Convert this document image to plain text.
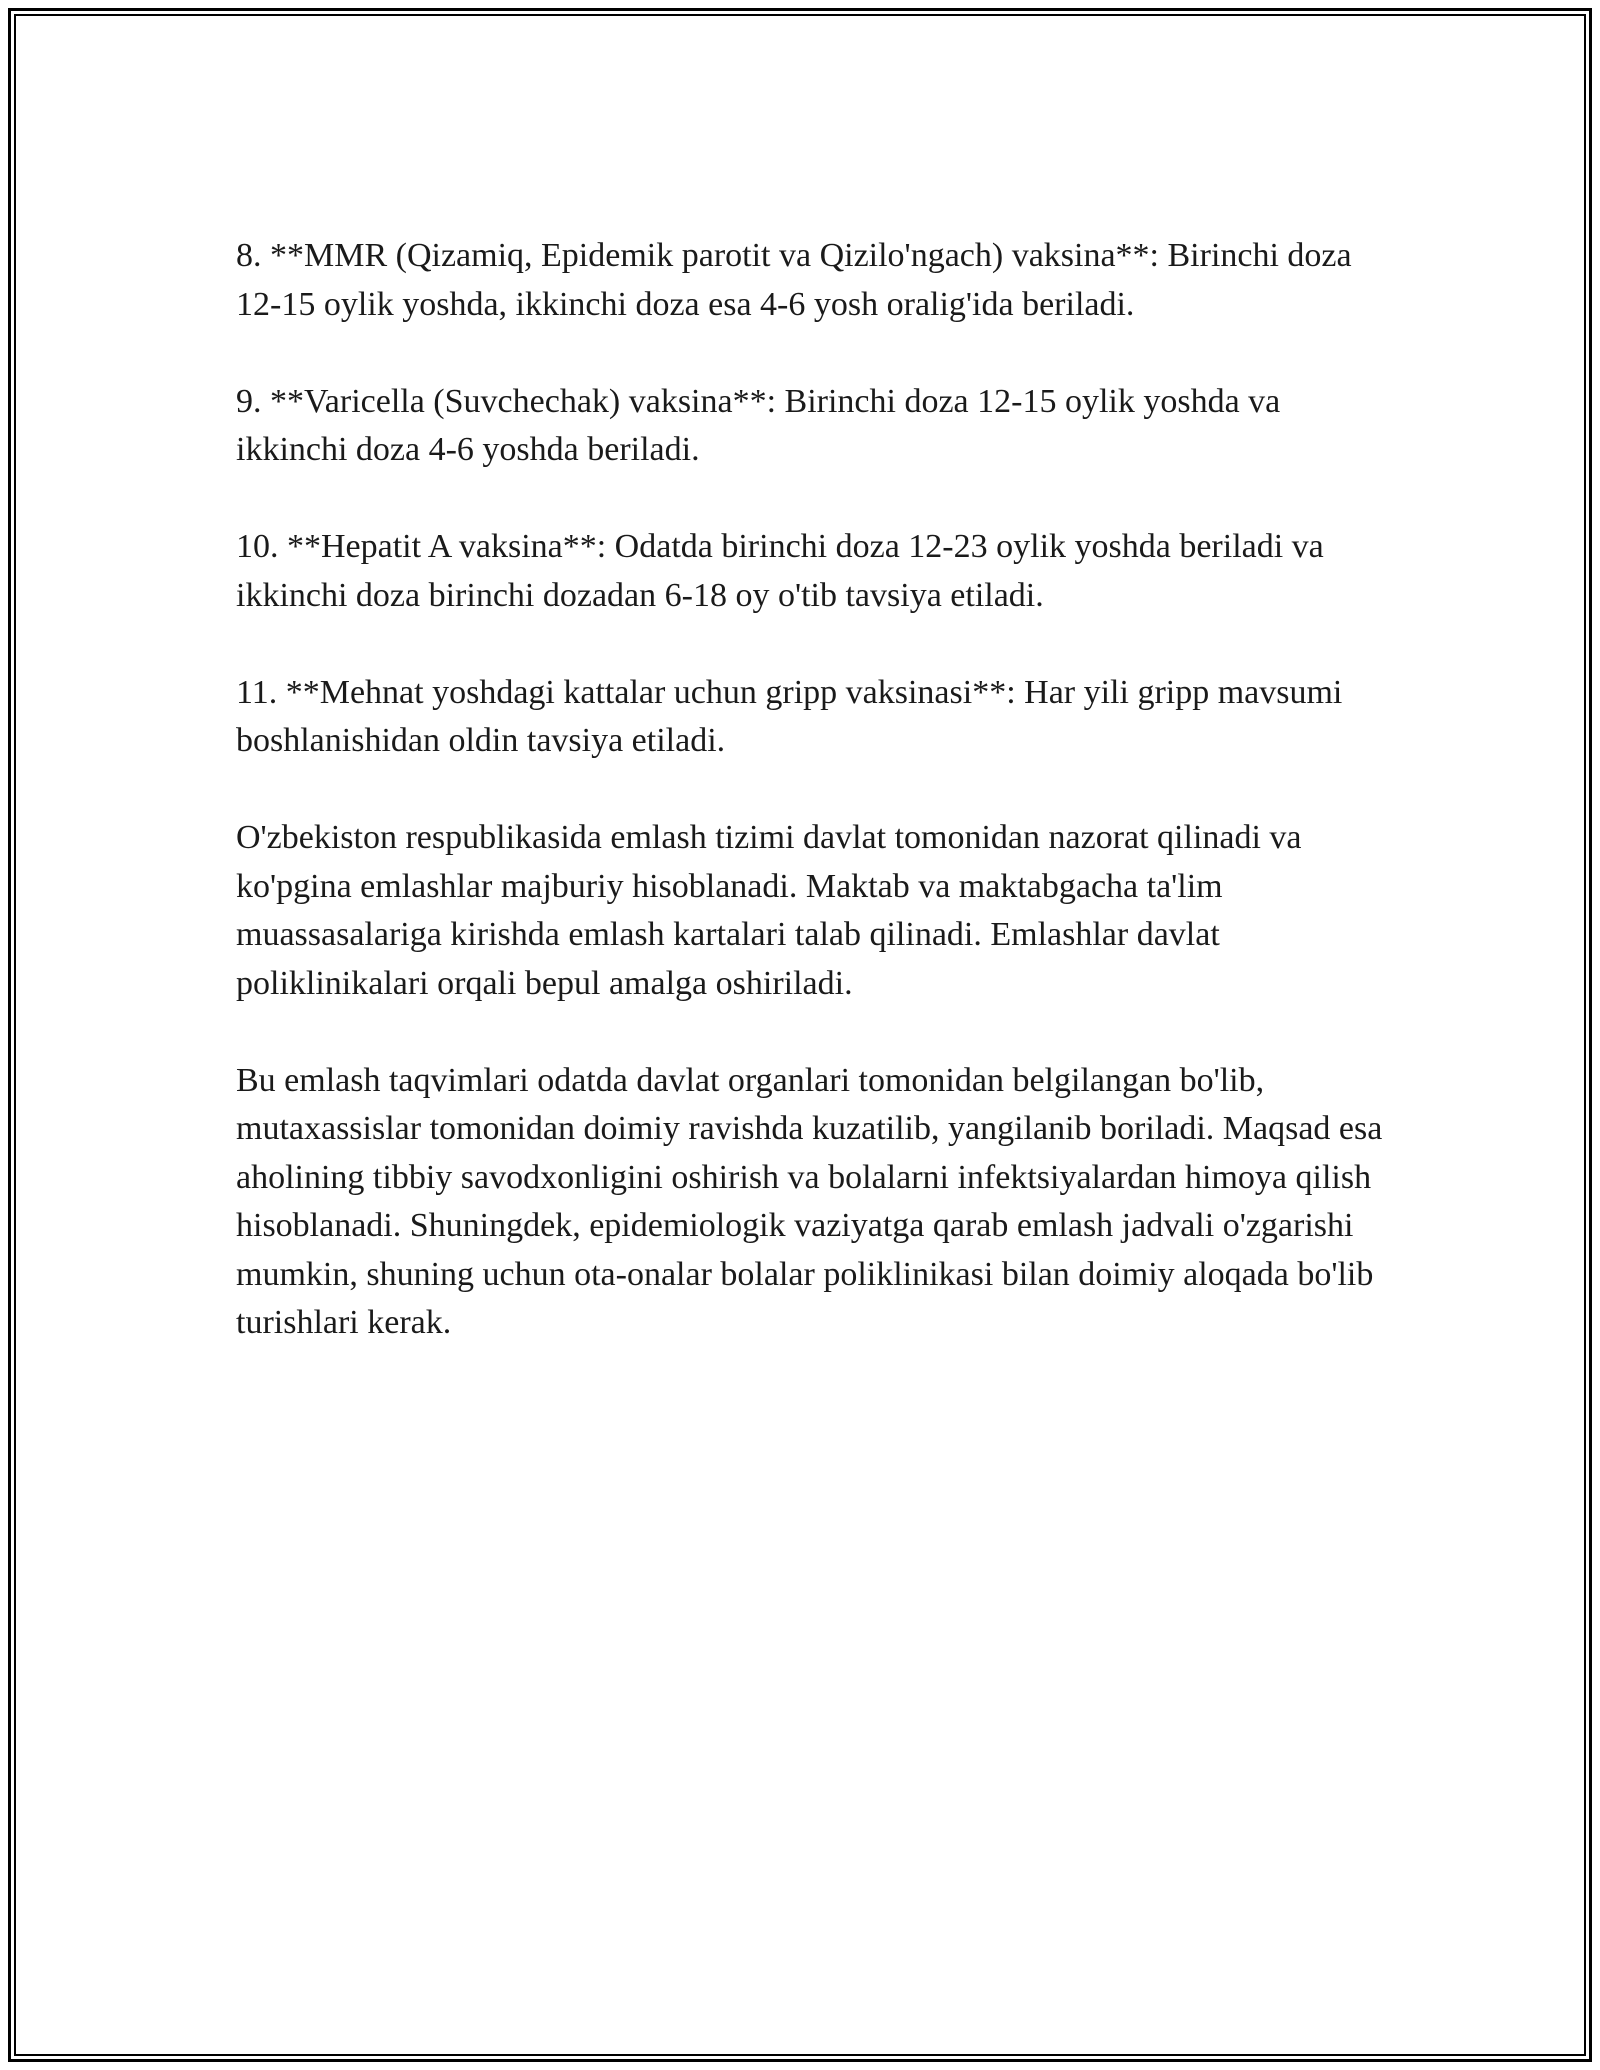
8. **MMR (Qizamiq, Epidemik parotit va Qizilo'ngach) vaksina**: Birinchi doza 12-15 oylik yoshda, ikkinchi doza esa 4-6 yosh oralig'ida beriladi.

9. **Varicella (Suvchechak) vaksina**: Birinchi doza 12-15 oylik yoshda va ikkinchi doza 4-6 yoshda beriladi.

10. **Hepatit A vaksina**: Odatda birinchi doza 12-23 oylik yoshda beriladi va ikkinchi doza birinchi dozadan 6-18 oy o'tib tavsiya etiladi.

11. **Mehnat yoshdagi kattalar uchun gripp vaksinasi**: Har yili gripp mavsumi boshlanishidan oldin tavsiya etiladi.

O'zbekiston respublikasida emlash tizimi davlat tomonidan nazorat qilinadi va ko'pgina emlashlar majburiy hisoblanadi. Maktab va maktabgacha ta'lim muassasalariga kirishda emlash kartalari talab qilinadi. Emlashlar davlat poliklinikalari orqali bepul amalga oshiriladi.

Bu emlash taqvimlari odatda davlat organlari tomonidan belgilangan bo'lib, mutaxassislar tomonidan doimiy ravishda kuzatilib, yangilanib boriladi. Maqsad esa aholining tibbiy savodxonligini oshirish va bolalarni infektsiyalardan himoya qilish hisoblanadi. Shuningdek, epidemiologik vaziyatga qarab emlash jadvali o'zgarishi mumkin, shuning uchun ota-onalar bolalar poliklinikasi bilan doimiy aloqada bo'lib turishlari kerak.
